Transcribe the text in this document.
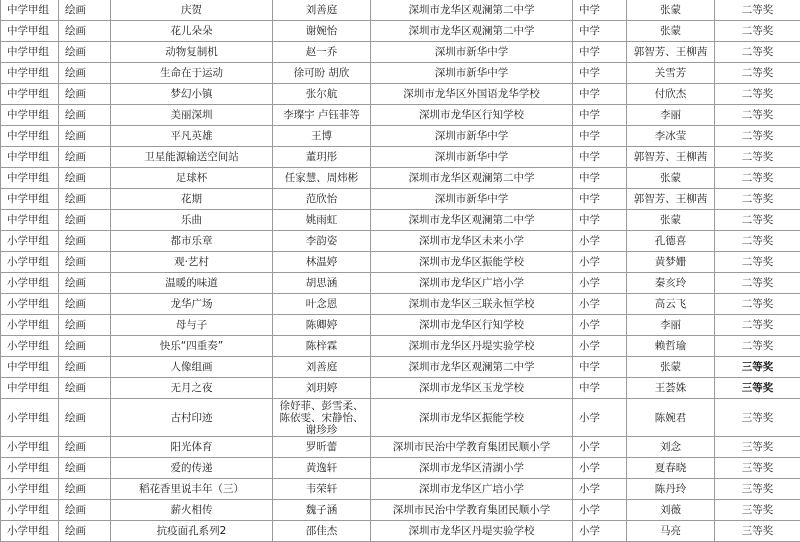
中学甲组	绘画	庆贺	刘善庭	深圳市龙华区观澜第二中学	中学	张蒙	二等奖
中学甲组	绘画	花儿朵朵	谢婉怡	深圳市龙华区观澜第二中学	中学	张蒙	二等奖
中学甲组	绘画	动物复制机	赵一乔	深圳市新华中学	中学	郭智芳、王柳茜	二等奖
中学甲组	绘画	生命在于运动	徐可盼 胡欣	深圳市新华中学	中学	关雪芳	二等奖
中学甲组	绘画	梦幻小镇	张尔航	深圳市龙华区外国语龙华学校	中学	付欣杰	二等奖
中学甲组	绘画	美丽深圳	李璨宇 卢钰菲等	深圳市龙华区行知学校	中学	李丽	二等奖
中学甲组	绘画	平凡英雄	王博	深圳市新华中学	中学	李冰莹	二等奖
中学甲组	绘画	卫星能源输送空间站	董玥彤	深圳市新华中学	中学	郭智芳、王柳茜	二等奖
中学甲组	绘画	足球杯	任家慧、周炜彬	深圳市龙华区观澜第二中学	中学	张蒙	二等奖
中学甲组	绘画	花期	范欣怡	深圳市新华中学	中学	郭智芳、王柳茜	二等奖
中学甲组	绘画	乐曲	姚雨虹	深圳市龙华区观澜第二中学	中学	张蒙	二等奖
小学甲组	绘画	都市乐章	李韵姿	深圳市龙华区未来小学	小学	孔德喜	二等奖
小学甲组	绘画	观·艺村	林温婷	深圳市龙华区振能学校	小学	黄梦姗	二等奖
小学甲组	绘画	温暖的味道	胡思涵	深圳市龙华区广培小学	小学	秦亥玲	二等奖
小学甲组	绘画	龙华广场	叶念恩	深圳市龙华区三联永恒学校	小学	高云飞	二等奖
小学甲组	绘画	母与子	陈卿婷	深圳市龙华区行知学校	小学	李丽	二等奖
小学甲组	绘画	快乐“四重奏”	陈梓霖	深圳市龙华区丹堤实验学校	小学	赖哲瑜	二等奖
中学甲组	绘画	人像组画	刘善庭	深圳市龙华区观澜第二中学	中学	张蒙	三等奖
中学甲组	绘画	无月之夜	刘玥婷	深圳市龙华区玉龙学校	中学	王荟姝	三等奖
小学甲组	绘画	古村印迹	徐妤菲、彭雪柔、陈依雯、宋静怡、谢珍珍	深圳市龙华区振能学校	小学	陈婉君	三等奖
小学甲组	绘画	阳光体育	罗昕蕾	深圳市民治中学教育集团民顺小学	小学	刘念	三等奖
小学甲组	绘画	爱的传递	黄逸轩	深圳市龙华区清湖小学	小学	夏春晓	三等奖
小学甲组	绘画	稻花香里说丰年（三）	韦荣轩	深圳市龙华区广培小学	小学	陈丹玲	三等奖
小学甲组	绘画	薪火相传	魏子涵	深圳市民治中学教育集团民顺小学	小学	刘薇	三等奖
小学甲组	绘画	抗疫面孔系列2	邵佳杰	深圳市龙华区丹堤实验学校	小学	马亮	三等奖
